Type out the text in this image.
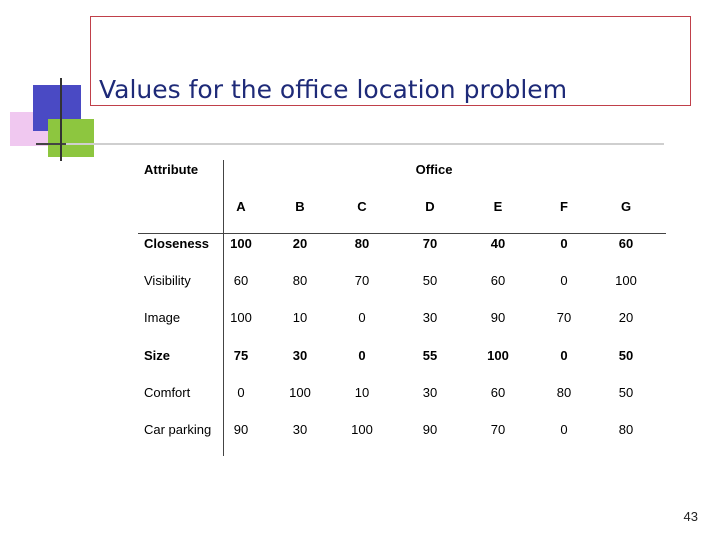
Values for the office location problem
Attribute	Office
A	B	C	D	E	F	G
Closeness 100	20	80	70	40	0	60
Visibility	60	80	70	50	60	0	100
Image	100	10	0	30	90	70	20
Size	75	30	0	55	100	0	50
Comfort	0	100	10	30	60	80	50
Car parking 90	30	100	90	70	0	80
43
